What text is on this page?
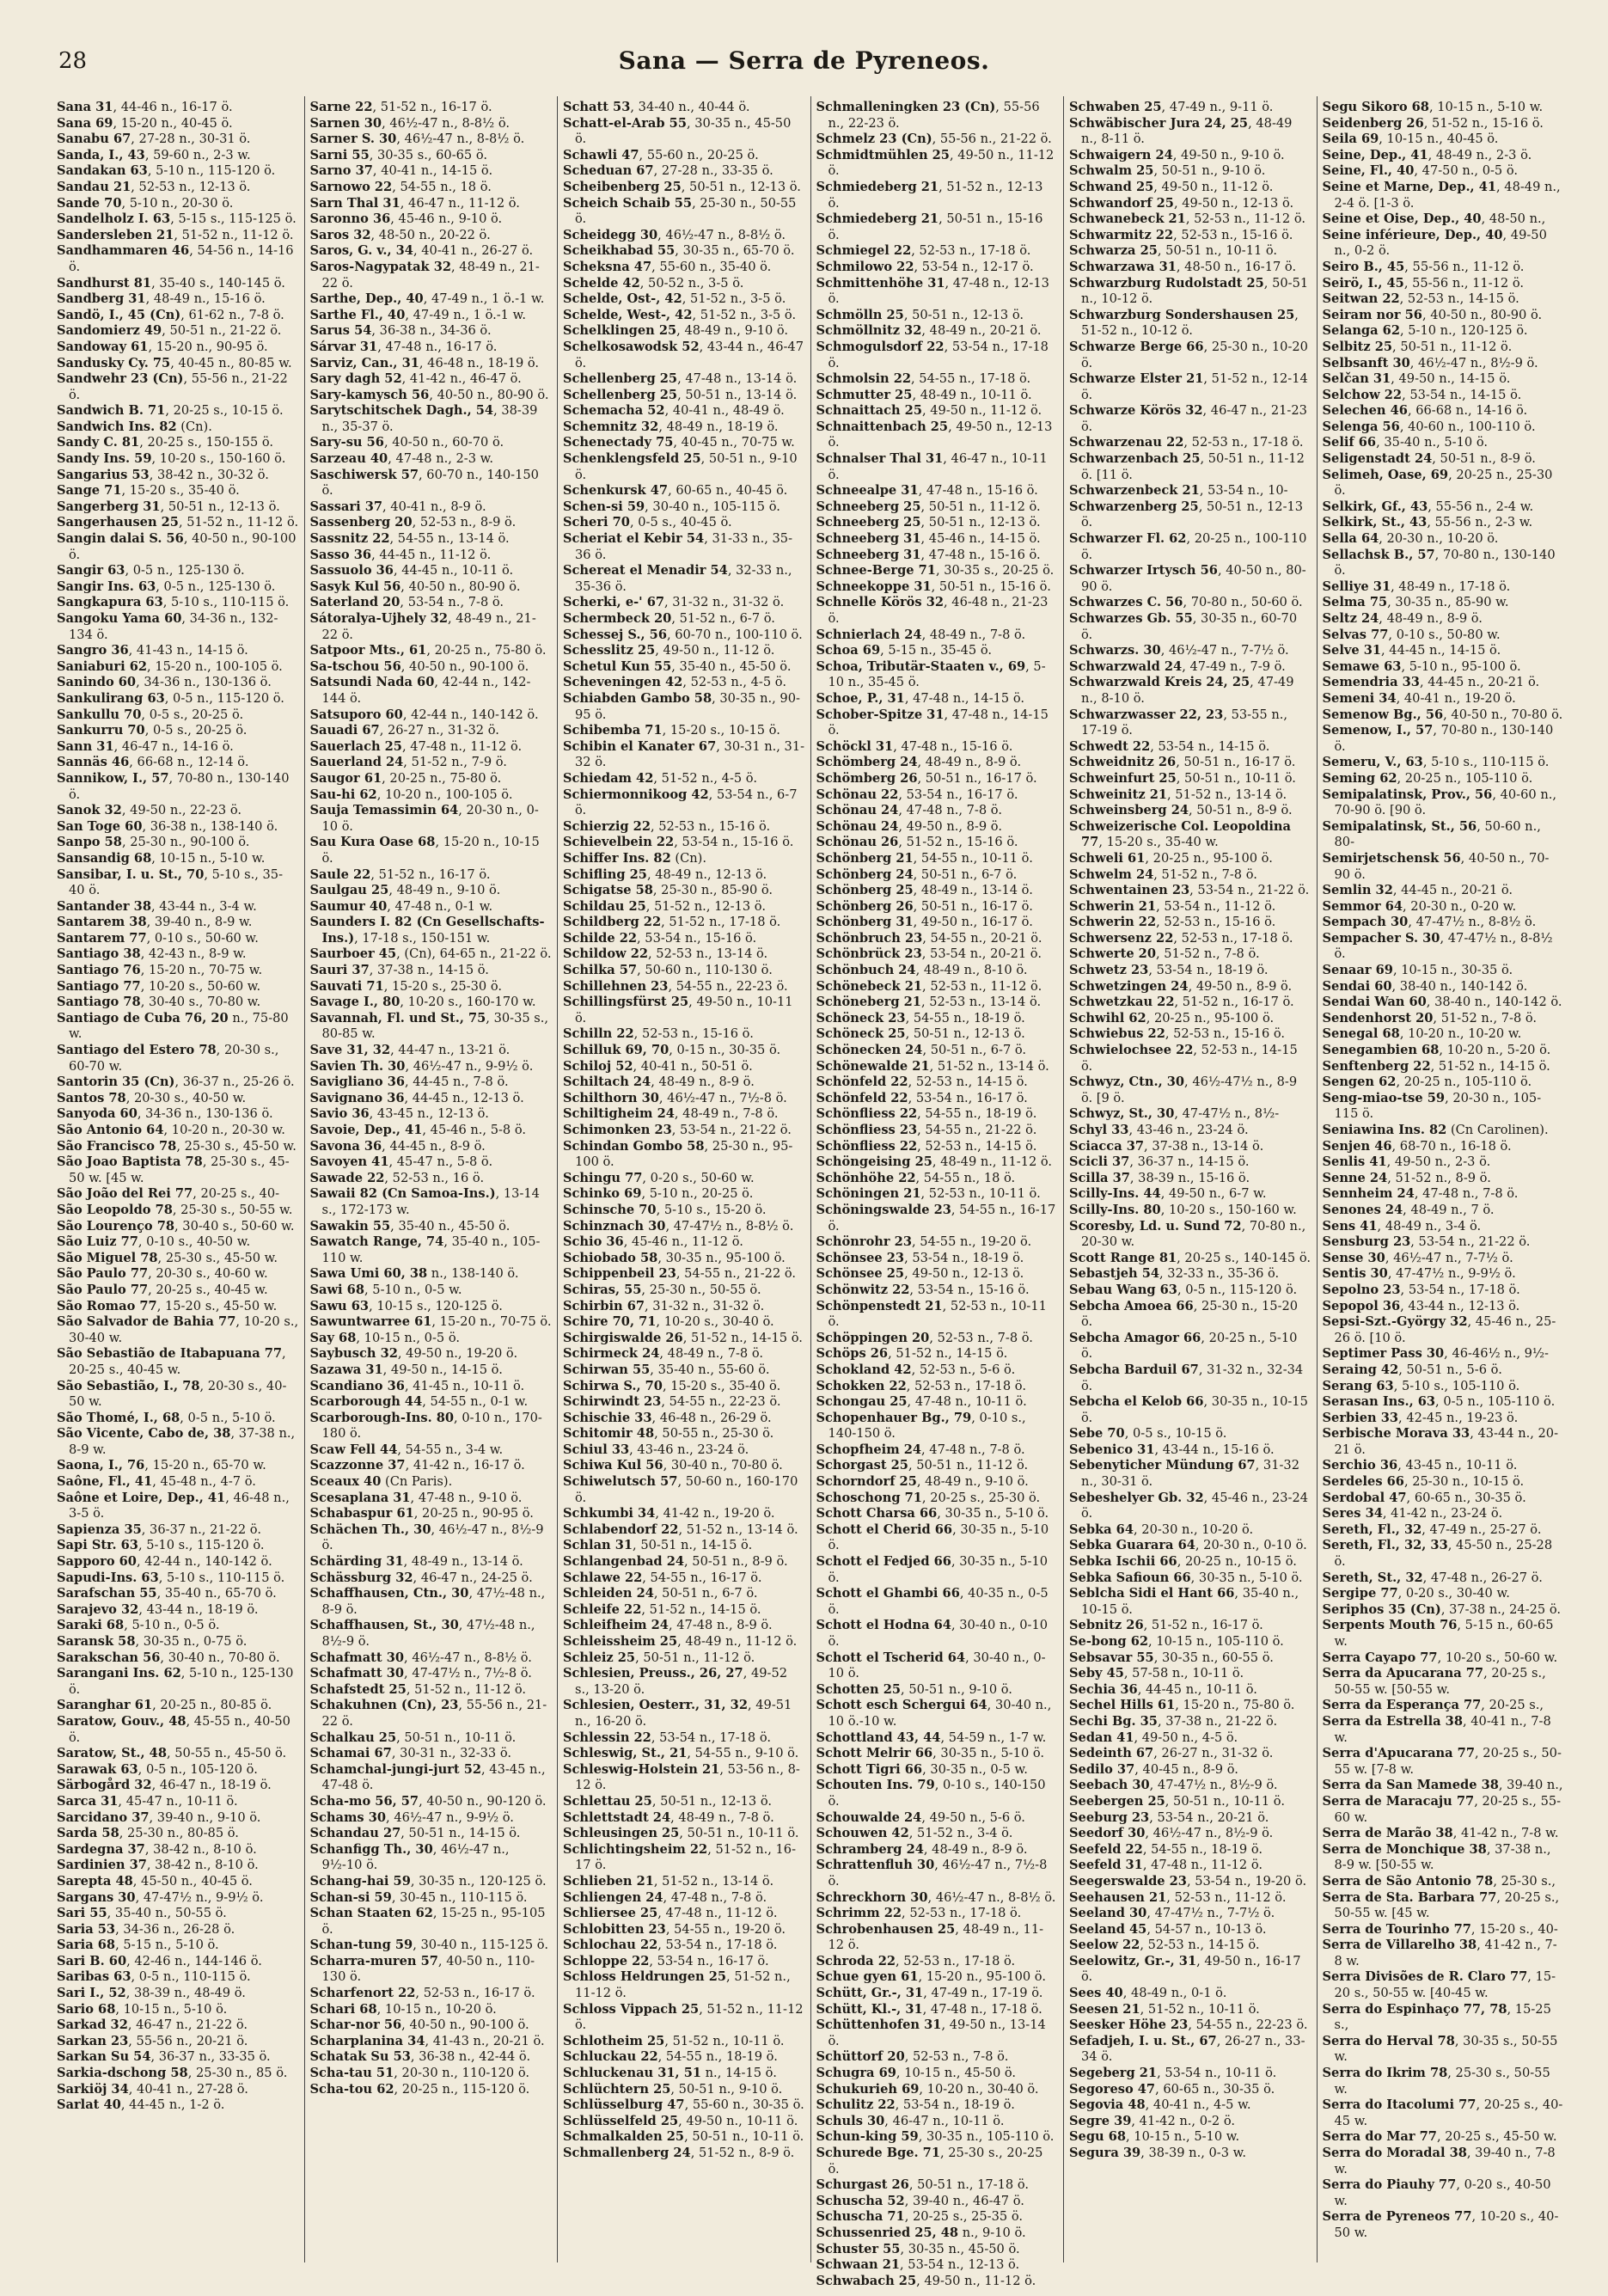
28	Sana — Serra de Pyreneos.
Sana 31, 44-46 n., 16-17 ö.
Sana 69, 15-20 n., 40-45 ö.
Sanabu 67, 27-28 n., 30-31 ö.
Sanda, I., 43, 59-60 n., 2-3 w.
Sandakan 63, 5-10 n., 115-120 ö.
Sandau 21, 52-53 n., 12-13 ö.
Sande 70, 5-10 n., 20-30 ö.
Sandelholz I. 63, 5-15 s., 115-125 ö.
Sandersleben 21, 51-52 n., 11-12 ö.
Sandhammaren 46, 54-56 n., 14-16 ö.
Sandhurst 81, 35-40 s., 140-145 ö.
Sandberg 31, 48-49 n., 15-16 ö.
Sandö, I., 45 (Cn), 61-62 n., 7-8 ö.
Sandomierz 49, 50-51 n., 21-22 ö.
Sandoway 61, 15-20 n., 90-95 ö.
Sandusky Cy. 75, 40-45 n., 80-85 w.
Sandwehr 23 (Cn), 55-56 n., 21-22 ö.
Sandwich B. 71, 20-25 s., 10-15 ö.
Sandwich Ins. 82 (Cn).
Sandy C. 81, 20-25 s., 150-155 ö.
Sandy Ins. 59, 10-20 s., 150-160 ö.
Sangarius 53, 38-42 n., 30-32 ö.
Sange 71, 15-20 s., 35-40 ö.
Sangerberg 31, 50-51 n., 12-13 ö.
Sangerhausen 25, 51-52 n., 11-12 ö.
Sangin dalai S. 56, 40-50 n., 90-100 ö.
Sangir 63, 0-5 n., 125-130 ö.
Sangir Ins. 63, 0-5 n., 125-130 ö.
Sangkapura 63, 5-10 s., 110-115 ö.
Sangoku Yama 60, 34-36 n., 132-134 ö.
Sangro 36, 41-43 n., 14-15 ö.
Saniaburi 62, 15-20 n., 100-105 ö.
Sanindo 60, 34-36 n., 130-136 ö.
Sankulirang 63, 0-5 n., 115-120 ö.
Sankullu 70, 0-5 s., 20-25 ö.
Sankurru 70, 0-5 s., 20-25 ö.
Sann 31, 46-47 n., 14-16 ö.
Sannäs 46, 66-68 n., 12-14 ö.
Sannikow, I., 57, 70-80 n., 130-140 ö.
Sanok 32, 49-50 n., 22-23 ö.
San Toge 60, 36-38 n., 138-140 ö.
Sanpo 58, 25-30 n., 90-100 ö.
Sansandig 68, 10-15 n., 5-10 w.
Sansibar, I. u. St., 70, 5-10 s., 35-40 ö.
Santander 38, 43-44 n., 3-4 w.
Santarem 38, 39-40 n., 8-9 w.
Santarem 77, 0-10 s., 50-60 w.
Santiago 38, 42-43 n., 8-9 w.
Santiago 76, 15-20 n., 70-75 w.
Santiago 77, 10-20 s., 50-60 w.
Santiago 78, 30-40 s., 70-80 w.
Santiago de Cuba 76, 20 n., 75-80 w.
Santiago del Estero 78, 20-30 s., 60-70 w.
Santorin 35 (Cn), 36-37 n., 25-26 ö.
Santos 78, 20-30 s., 40-50 w.
Sanyoda 60, 34-36 n., 130-136 ö.
São Antonio 64, 10-20 n., 20-30 w.
São Francisco 78, 25-30 s., 45-50 w.
São Joao Baptista 78, 25-30 s., 45-50 w. [45 w.
São João del Rei 77, 20-25 s., 40-
São Leopoldo 78, 25-30 s., 50-55 w.
São Lourenço 78, 30-40 s., 50-60 w.
São Luiz 77, 0-10 s., 40-50 w.
São Miguel 78, 25-30 s., 45-50 w.
São Paulo 77, 20-30 s., 40-60 w.
São Paulo 77, 20-25 s., 40-45 w.
São Romao 77, 15-20 s., 45-50 w.
São Salvador de Bahia 77, 10-20 s., 30-40 w.
São Sebastião de Itabapuana 77, 20-25 s., 40-45 w.
São Sebastião, I., 78, 20-30 s., 40-50 w.
São Thomé, I., 68, 0-5 n., 5-10 ö.
São Vicente, Cabo de, 38, 37-38 n., 8-9 w.
Saona, I., 76, 15-20 n., 65-70 w.
Saône, Fl., 41, 45-48 n., 4-7 ö.
Saône et Loire, Dep., 41, 46-48 n., 3-5 ö.
Sapienza 35, 36-37 n., 21-22 ö.
Sapi Str. 63, 5-10 s., 115-120 ö.
Sapporo 60, 42-44 n., 140-142 ö.
Sapudi-Ins. 63, 5-10 s., 110-115 ö.
Sarafschan 55, 35-40 n., 65-70 ö.
Sarajevo 32, 43-44 n., 18-19 ö.
Saraki 68, 5-10 n., 0-5 ö.
Saransk 58, 30-35 n., 0-75 ö.
Sarakschan 56, 30-40 n., 70-80 ö.
Sarangani Ins. 62, 5-10 n., 125-130 ö.
Saranghar 61, 20-25 n., 80-85 ö.
Saratow, Gouv., 48, 45-55 n., 40-50 ö.
Saratow, St., 48, 50-55 n., 45-50 ö.
Sarawak 63, 0-5 n., 105-120 ö.
Särbogård 32, 46-47 n., 18-19 ö.
Sarca 31, 45-47 n., 10-11 ö.
Sarcidano 37, 39-40 n., 9-10 ö.
Sarda 58, 25-30 n., 80-85 ö.
Sardegna 37, 38-42 n., 8-10 ö.
Sardinien 37, 38-42 n., 8-10 ö.
Sarepta 48, 45-50 n., 40-45 ö.
Sargans 30, 47-47½ n., 9-9½ ö.
Sari 55, 35-40 n., 50-55 ö.
Saria 53, 34-36 n., 26-28 ö.
Saria 68, 5-15 n., 5-10 ö.
Sari B. 60, 42-46 n., 144-146 ö.
Saribas 63, 0-5 n., 110-115 ö.
Sari I., 52, 38-39 n., 48-49 ö.
Sario 68, 10-15 n., 5-10 ö.
Sarkad 32, 46-47 n., 21-22 ö.
Sarkan 23, 55-56 n., 20-21 ö.
Sarkan Su 54, 36-37 n., 33-35 ö.
Sarkia-dschong 58, 25-30 n., 85 ö.
Sarkiöj 34, 40-41 n., 27-28 ö.
Sarlat 40, 44-45 n., 1-2 ö.
Sarne 22, 51-52 n., 16-17 ö.
Sarnen 30, 46½-47 n., 8-8½ ö.
Sarner S. 30, 46½-47 n., 8-8½ ö.
Sarni 55, 30-35 s., 60-65 ö.
Sarno 37, 40-41 n., 14-15 ö.
Sarnowo 22, 54-55 n., 18 ö.
Sarn Thal 31, 46-47 n., 11-12 ö.
Saronno 36, 45-46 n., 9-10 ö.
Saros 32, 48-50 n., 20-22 ö.
Saros, G. v., 34, 40-41 n., 26-27 ö.
Saros-Nagypatak 32, 48-49 n., 21-22 ö.
Sarthe, Dep., 40, 47-49 n., 1 ö.-1 w.
Sarthe Fl., 40, 47-49 n., 1 ö.-1 w.
Sarus 54, 36-38 n., 34-36 ö.
Sárvar 31, 47-48 n., 16-17 ö.
Sarviz, Can., 31, 46-48 n., 18-19 ö.
Sary dagh 52, 41-42 n., 46-47 ö.
Sary-kamysch 56, 40-50 n., 80-90 ö.
Sarytschitschek Dagh., 54, 38-39 n., 35-37 ö.
Sary-su 56, 40-50 n., 60-70 ö.
Sarzeau 40, 47-48 n., 2-3 w.
Saschiwersk 57, 60-70 n., 140-150 ö.
Sassari 37, 40-41 n., 8-9 ö.
Sassenberg 20, 52-53 n., 8-9 ö.
Sassnitz 22, 54-55 n., 13-14 ö.
Sasso 36, 44-45 n., 11-12 ö.
Sassuolo 36, 44-45 n., 10-11 ö.
Sasyk Kul 56, 40-50 n., 80-90 ö.
Saterland 20, 53-54 n., 7-8 ö.
Sátoralya-Ujhely 32, 48-49 n., 21-22 ö.
Satpoor Mts., 61, 20-25 n., 75-80 ö.
Sa-tschou 56, 40-50 n., 90-100 ö.
Satsundi Nada 60, 42-44 n., 142-144 ö.
Satsuporo 60, 42-44 n., 140-142 ö.
Sauadi 67, 26-27 n., 31-32 ö.
Sauerlach 25, 47-48 n., 11-12 ö.
Sauerland 24, 51-52 n., 7-9 ö.
Saugor 61, 20-25 n., 75-80 ö.
Sau-hi 62, 10-20 n., 100-105 ö.
Sauja Temassimin 64, 20-30 n., 0-10 ö.
Sau Kura Oase 68, 15-20 n., 10-15 ö.
Saule 22, 51-52 n., 16-17 ö.
Saulgau 25, 48-49 n., 9-10 ö.
Saumur 40, 47-48 n., 0-1 w.
Saunders I. 82 (Cn Gesellschafts-Ins.), 17-18 s., 150-151 w.
Saurboer 45, (Cn), 64-65 n., 21-22 ö.
Sauri 37, 37-38 n., 14-15 ö.
Sauvati 71, 15-20 s., 25-30 ö.
Savage I., 80, 10-20 s., 160-170 w.
Savannah, Fl. und St., 75, 30-35 s., 80-85 w.
Save 31, 32, 44-47 n., 13-21 ö.
Savien Th. 30, 46½-47 n., 9-9½ ö.
Savigliano 36, 44-45 n., 7-8 ö.
Savignano 36, 44-45 n., 12-13 ö.
Savio 36, 43-45 n., 12-13 ö.
Savoie, Dep., 41, 45-46 n., 5-8 ö.
Savona 36, 44-45 n., 8-9 ö.
Savoyen 41, 45-47 n., 5-8 ö.
Sawade 22, 52-53 n., 16 ö.
Sawaii 82 (Cn Samoa-Ins.), 13-14 s., 172-173 w.
Sawakin 55, 35-40 n., 45-50 ö.
Sawatch Range, 74, 35-40 n., 105-110 w.
Sawa Umi 60, 38 n., 138-140 ö.
Sawi 68, 5-10 n., 0-5 w.
Sawu 63, 10-15 s., 120-125 ö.
Sawuntwarree 61, 15-20 n., 70-75 ö.
Say 68, 10-15 n., 0-5 ö.
Saybusch 32, 49-50 n., 19-20 ö.
Sazawa 31, 49-50 n., 14-15 ö.
Scandiano 36, 41-45 n., 10-11 ö.
Scarborough 44, 54-55 n., 0-1 w.
Scarborough-Ins. 80, 0-10 n., 170-180 ö.
Scaw Fell 44, 54-55 n., 3-4 w.
Scazzonne 37, 41-42 n., 16-17 ö.
Sceaux 40 (Cn Paris).
Scesaplana 31, 47-48 n., 9-10 ö.
Schabaspur 61, 20-25 n., 90-95 ö.
Schächen Th., 30, 46½-47 n., 8½-9 ö.
Schärding 31, 48-49 n., 13-14 ö.
Schässburg 32, 46-47 n., 24-25 ö.
Schaffhausen, Ctn., 30, 47½-48 n., 8-9 ö.
Schaffhausen, St., 30, 47½-48 n., 8½-9 ö.
Schafmatt 30, 46½-47 n., 8-8½ ö.
Schafmatt 30, 47-47½ n., 7½-8 ö.
Schafstedt 25, 51-52 n., 11-12 ö.
Schakuhnen (Cn), 23, 55-56 n., 21-22 ö.
Schalkau 25, 50-51 n., 10-11 ö.
Schamai 67, 30-31 n., 32-33 ö.
Schamchal-jungi-jurt 52, 43-45 n., 47-48 ö.
Scha-mo 56, 57, 40-50 n., 90-120 ö.
Schams 30, 46½-47 n., 9-9½ ö.
Schandau 27, 50-51 n., 14-15 ö.
Schanfigg Th., 30, 46½-47 n., 9½-10 ö.
Schang-hai 59, 30-35 n., 120-125 ö.
Schan-si 59, 30-45 n., 110-115 ö.
Schan Staaten 62, 15-25 n., 95-105 ö.
Schan-tung 59, 30-40 n., 115-125 ö.
Scharra-muren 57, 40-50 n., 110-130 ö.
Scharfenort 22, 52-53 n., 16-17 ö.
Schari 68, 10-15 n., 10-20 ö.
Schar-nor 56, 40-50 n., 90-100 ö.
Scharplanina 34, 41-43 n., 20-21 ö.
Schatak Su 53, 36-38 n., 42-44 ö.
Scha-tau 51, 20-30 n., 110-120 ö.
Scha-tou 62, 20-25 n., 115-120 ö.
Schatt 53, 34-40 n., 40-44 ö.
Schatt-el-Arab 55, 30-35 n., 45-50 ö.
Schawli 47, 55-60 n., 20-25 ö.
Scheduan 67, 27-28 n., 33-35 ö.
Scheibenberg 25, 50-51 n., 12-13 ö.
Scheich Schaib 55, 25-30 n., 50-55 ö.
Scheidegg 30, 46½-47 n., 8-8½ ö.
Scheikhabad 55, 30-35 n., 65-70 ö.
Scheksna 47, 55-60 n., 35-40 ö.
Schelde 42, 50-52 n., 3-5 ö.
Schelde, Ost-, 42, 51-52 n., 3-5 ö.
Schelde, West-, 42, 51-52 n., 3-5 ö.
Schelklingen 25, 48-49 n., 9-10 ö.
Schelkosawodsk 52, 43-44 n., 46-47 ö.
Schellenberg 25, 47-48 n., 13-14 ö.
Schellenberg 25, 50-51 n., 13-14 ö.
Schemacha 52, 40-41 n., 48-49 ö.
Schemnitz 32, 48-49 n., 18-19 ö.
Schenectady 75, 40-45 n., 70-75 w.
Schenklengsfeld 25, 50-51 n., 9-10 ö.
Schenkursk 47, 60-65 n., 40-45 ö.
Schen-si 59, 30-40 n., 105-115 ö.
Scheri 70, 0-5 s., 40-45 ö.
Scheriat el Kebir 54, 31-33 n., 35-36 ö.
Schereat el Menadir 54, 32-33 n., 35-36 ö.
Scherki, e-' 67, 31-32 n., 31-32 ö.
Schermbeck 20, 51-52 n., 6-7 ö.
Schessej S., 56, 60-70 n., 100-110 ö.
Schesslitz 25, 49-50 n., 11-12 ö.
Schetul Kun 55, 35-40 n., 45-50 ö.
Scheveningen 42, 52-53 n., 4-5 ö.
Schiabden Gambo 58, 30-35 n., 90-95 ö.
Schibemba 71, 15-20 s., 10-15 ö.
Schibin el Kanater 67, 30-31 n., 31-32 ö.
Schiedam 42, 51-52 n., 4-5 ö.
Schiermonnikoog 42, 53-54 n., 6-7 ö.
Schierzig 22, 52-53 n., 15-16 ö.
Schievelbein 22, 53-54 n., 15-16 ö.
Schiffer Ins. 82 (Cn).
Schifling 25, 48-49 n., 12-13 ö.
Schigatse 58, 25-30 n., 85-90 ö.
Schildau 25, 51-52 n., 12-13 ö.
Schildberg 22, 51-52 n., 17-18 ö.
Schilde 22, 53-54 n., 15-16 ö.
Schildow 22, 52-53 n., 13-14 ö.
Schilka 57, 50-60 n., 110-130 ö.
Schillehnen 23, 54-55 n., 22-23 ö.
Schillingsfürst 25, 49-50 n., 10-11 ö.
Schilln 22, 52-53 n., 15-16 ö.
Schilluk 69, 70, 0-15 n., 30-35 ö.
Schiloj 52, 40-41 n., 50-51 ö.
Schiltach 24, 48-49 n., 8-9 ö.
Schilthorn 30, 46½-47 n., 7½-8 ö.
Schiltigheim 24, 48-49 n., 7-8 ö.
Schimonken 23, 53-54 n., 21-22 ö.
Schindan Gombo 58, 25-30 n., 95-100 ö.
Schingu 77, 0-20 s., 50-60 w.
Schinko 69, 5-10 n., 20-25 ö.
Schinsche 70, 5-10 s., 15-20 ö.
Schinznach 30, 47-47½ n., 8-8½ ö.
Schio 36, 45-46 n., 11-12 ö.
Schiobado 58, 30-35 n., 95-100 ö.
Schippenbeil 23, 54-55 n., 21-22 ö.
Schiras, 55, 25-30 n., 50-55 ö.
Schirbin 67, 31-32 n., 31-32 ö.
Schire 70, 71, 10-20 s., 30-40 ö.
Schirgiswalde 26, 51-52 n., 14-15 ö.
Schirmeck 24, 48-49 n., 7-8 ö.
Schirwan 55, 35-40 n., 55-60 ö.
Schirwa S., 70, 15-20 s., 35-40 ö.
Schirwindt 23, 54-55 n., 22-23 ö.
Schischie 33, 46-48 n., 26-29 ö.
Schitomir 48, 50-55 n., 25-30 ö.
Schiul 33, 43-46 n., 23-24 ö.
Schiwa Kul 56, 30-40 n., 70-80 ö.
Schiwelutsch 57, 50-60 n., 160-170 ö.
Schkumbi 34, 41-42 n., 19-20 ö.
Schlabendorf 22, 51-52 n., 13-14 ö.
Schlan 31, 50-51 n., 14-15 ö.
Schlangenbad 24, 50-51 n., 8-9 ö.
Schlawe 22, 54-55 n., 16-17 ö.
Schleiden 24, 50-51 n., 6-7 ö.
Schleife 22, 51-52 n., 14-15 ö.
Schleifheim 24, 47-48 n., 8-9 ö.
Schleissheim 25, 48-49 n., 11-12 ö.
Schleiz 25, 50-51 n., 11-12 ö.
Schlesien, Preuss., 26, 27, 49-52 s., 13-20 ö.
Schlesien, Oesterr., 31, 32, 49-51 n., 16-20 ö.
Schlessin 22, 53-54 n., 17-18 ö.
Schleswig, St., 21, 54-55 n., 9-10 ö.
Schleswig-Holstein 21, 53-56 n., 8-12 ö.
Schlettau 25, 50-51 n., 12-13 ö.
Schlettstadt 24, 48-49 n., 7-8 ö.
Schleusingen 25, 50-51 n., 10-11 ö.
Schlichtingsheim 22, 51-52 n., 16-17 ö.
Schlieben 21, 51-52 n., 13-14 ö.
Schliengen 24, 47-48 n., 7-8 ö.
Schliersee 25, 47-48 n., 11-12 ö.
Schlobitten 23, 54-55 n., 19-20 ö.
Schlochau 22, 53-54 n., 17-18 ö.
Schloppe 22, 53-54 n., 16-17 ö.
Schloss Heldrungen 25, 51-52 n., 11-12 ö.
Schloss Vippach 25, 51-52 n., 11-12 ö.
Schlotheim 25, 51-52 n., 10-11 ö.
Schluckau 22, 54-55 n., 18-19 ö.
Schluckenau 31, 51 n., 14-15 ö.
Schlüchtern 25, 50-51 n., 9-10 ö.
Schlüsselburg 47, 55-60 n., 30-35 ö.
Schlüsselfeld 25, 49-50 n., 10-11 ö.
Schmalkalden 25, 50-51 n., 10-11 ö.
Schmallenberg 24, 51-52 n., 8-9 ö.
Schmalleningken 23 (Cn), 55-56 n., 22-23 ö.
Schmelz 23 (Cn), 55-56 n., 21-22 ö.
Schmidtmühlen 25, 49-50 n., 11-12 ö.
Schmiedeberg 21, 51-52 n., 12-13 ö.
Schmiedeberg 21, 50-51 n., 15-16 ö.
Schmiegel 22, 52-53 n., 17-18 ö.
Schmilowo 22, 53-54 n., 12-17 ö.
Schmittenhöhe 31, 47-48 n., 12-13 ö.
Schmölln 25, 50-51 n., 12-13 ö.
Schmöllnitz 32, 48-49 n., 20-21 ö.
Schmogulsdorf 22, 53-54 n., 17-18 ö.
Schmolsin 22, 54-55 n., 17-18 ö.
Schmutter 25, 48-49 n., 10-11 ö.
Schnaittach 25, 49-50 n., 11-12 ö.
Schnaittenbach 25, 49-50 n., 12-13 ö.
Schnalser Thal 31, 46-47 n., 10-11 ö.
Schneealpe 31, 47-48 n., 15-16 ö.
Schneeberg 25, 50-51 n., 11-12 ö.
Schneeberg 25, 50-51 n., 12-13 ö.
Schneeberg 31, 45-46 n., 14-15 ö.
Schneeberg 31, 47-48 n., 15-16 ö.
Schnee-Berge 71, 30-35 s., 20-25 ö.
Schneekoppe 31, 50-51 n., 15-16 ö.
Schnelle Körös 32, 46-48 n., 21-23 ö.
Schnierlach 24, 48-49 n., 7-8 ö.
Schoa 69, 5-15 n., 35-45 ö.
Schoa, Tributär-Staaten v., 69, 5-10 n., 35-45 ö.
Schoe, P., 31, 47-48 n., 14-15 ö.
Schober-Spitze 31, 47-48 n., 14-15 ö.
Schöckl 31, 47-48 n., 15-16 ö.
Schömberg 24, 48-49 n., 8-9 ö.
Schömberg 26, 50-51 n., 16-17 ö.
Schönau 22, 53-54 n., 16-17 ö.
Schönau 24, 47-48 n., 7-8 ö.
Schönau 24, 49-50 n., 8-9 ö.
Schönau 26, 51-52 n., 15-16 ö.
Schönberg 21, 54-55 n., 10-11 ö.
Schönberg 24, 50-51 n., 6-7 ö.
Schönberg 25, 48-49 n., 13-14 ö.
Schönberg 26, 50-51 n., 16-17 ö.
Schönberg 31, 49-50 n., 16-17 ö.
Schönbruch 23, 54-55 n., 20-21 ö.
Schönbrück 23, 53-54 n., 20-21 ö.
Schönbuch 24, 48-49 n., 8-10 ö.
Schönebeck 21, 52-53 n., 11-12 ö.
Schöneberg 21, 52-53 n., 13-14 ö.
Schöneck 23, 54-55 n., 18-19 ö.
Schöneck 25, 50-51 n., 12-13 ö.
Schönecken 24, 50-51 n., 6-7 ö.
Schönewalde 21, 51-52 n., 13-14 ö.
Schönfeld 22, 52-53 n., 14-15 ö.
Schönfeld 22, 53-54 n., 16-17 ö.
Schönfliess 22, 54-55 n., 18-19 ö.
Schönfliess 23, 54-55 n., 21-22 ö.
Schönfliess 22, 52-53 n., 14-15 ö.
Schöngeising 25, 48-49 n., 11-12 ö.
Schönhöhe 22, 54-55 n., 18 ö.
Schöningen 21, 52-53 n., 10-11 ö.
Schöningswalde 23, 54-55 n., 16-17 ö.
Schönrohr 23, 54-55 n., 19-20 ö.
Schönsee 23, 53-54 n., 18-19 ö.
Schönsee 25, 49-50 n., 12-13 ö.
Schönwitz 22, 53-54 n., 15-16 ö.
Schönpenstedt 21, 52-53 n., 10-11 ö.
Schöppingen 20, 52-53 n., 7-8 ö.
Schöps 26, 51-52 n., 14-15 ö.
Schokland 42, 52-53 n., 5-6 ö.
Schokken 22, 52-53 n., 17-18 ö.
Schongau 25, 47-48 n., 10-11 ö.
Schopenhauer Bg., 79, 0-10 s., 140-150 ö.
Schopfheim 24, 47-48 n., 7-8 ö.
Schorgast 25, 50-51 n., 11-12 ö.
Schorndorf 25, 48-49 n., 9-10 ö.
Schoschong 71, 20-25 s., 25-30 ö.
Schott Charsa 66, 30-35 n., 5-10 ö.
Schott el Cherid 66, 30-35 n., 5-10 ö.
Schott el Fedjed 66, 30-35 n., 5-10 ö.
Schott el Ghambi 66, 40-35 n., 0-5 ö.
Schott el Hodna 64, 30-40 n., 0-10 ö.
Schott el Tscherid 64, 30-40 n., 0-10 ö.
Schotten 25, 50-51 n., 9-10 ö.
Schott esch Schergui 64, 30-40 n., 10 ö.-10 w.
Schottland 43, 44, 54-59 n., 1-7 w.
Schott Melrir 66, 30-35 n., 5-10 ö.
Schott Tigri 66, 30-35 n., 0-5 w.
Schouten Ins. 79, 0-10 s., 140-150 ö.
Schouwalde 24, 49-50 n., 5-6 ö.
Schouwen 42, 51-52 n., 3-4 ö.
Schramberg 24, 48-49 n., 8-9 ö.
Schrattenfluh 30, 46½-47 n., 7½-8 ö.
Schreckhorn 30, 46½-47 n., 8-8½ ö.
Schrimm 22, 52-53 n., 17-18 ö.
Schrobenhausen 25, 48-49 n., 11-12 ö.
Schroda 22, 52-53 n., 17-18 ö.
Schue gyen 61, 15-20 n., 95-100 ö.
Schütt, Gr.-, 31, 47-49 n., 17-19 ö.
Schütt, Kl.-, 31, 47-48 n., 17-18 ö.
Schüttenhofen 31, 49-50 n., 13-14 ö.
Schüttorf 20, 52-53 n., 7-8 ö.
Schugra 69, 10-15 n., 45-50 ö.
Schukurieh 69, 10-20 n., 30-40 ö.
Schulitz 22, 53-54 n., 18-19 ö.
Schuls 30, 46-47 n., 10-11 ö.
Schun-king 59, 30-35 n., 105-110 ö.
Schurede Bge. 71, 25-30 s., 20-25 ö.
Schurgast 26, 50-51 n., 17-18 ö.
Schuscha 52, 39-40 n., 46-47 ö.
Schuscha 71, 20-25 s., 25-35 ö.
Schussenried 25, 48 n., 9-10 ö.
Schuster 55, 30-35 n., 45-50 ö.
Schwaan 21, 53-54 n., 12-13 ö.
Schwabach 25, 49-50 n., 11-12 ö.
Schwaben 25, 47-49 n., 9-11 ö.
Schwäbischer Jura 24, 25, 48-49 n., 8-11 ö.
Schwaigern 24, 49-50 n., 9-10 ö.
Schwalm 25, 50-51 n., 9-10 ö.
Schwand 25, 49-50 n., 11-12 ö.
Schwandorf 25, 49-50 n., 12-13 ö.
Schwanebeck 21, 52-53 n., 11-12 ö.
Schwarmitz 22, 52-53 n., 15-16 ö.
Schwarza 25, 50-51 n., 10-11 ö.
Schwarzawa 31, 48-50 n., 16-17 ö.
Schwarzburg Rudolstadt 25, 50-51 n., 10-12 ö.
Schwarzburg Sondershausen 25, 51-52 n., 10-12 ö.
Schwarze Berge 66, 25-30 n., 10-20 ö.
Schwarze Elster 21, 51-52 n., 12-14 ö.
Schwarze Körös 32, 46-47 n., 21-23 ö.
Schwarzenau 22, 52-53 n., 17-18 ö.
Schwarzenbach 25, 50-51 n., 11-12 ö. [11 ö.
Schwarzenbeck 21, 53-54 n., 10-
Schwarzenberg 25, 50-51 n., 12-13 ö.
Schwarzer Fl. 62, 20-25 n., 100-110 ö.
Schwarzer Irtysch 56, 40-50 n., 80-90 ö.
Schwarzes C. 56, 70-80 n., 50-60 ö.
Schwarzes Gb. 55, 30-35 n., 60-70 ö.
Schwarzs. 30, 46½-47 n., 7-7½ ö.
Schwarzwald 24, 47-49 n., 7-9 ö.
Schwarzwald Kreis 24, 25, 47-49 n., 8-10 ö.
Schwarzwasser 22, 23, 53-55 n., 17-19 ö.
Schwedt 22, 53-54 n., 14-15 ö.
Schweidnitz 26, 50-51 n., 16-17 ö.
Schweinfurt 25, 50-51 n., 10-11 ö.
Schweinitz 21, 51-52 n., 13-14 ö.
Schweinsberg 24, 50-51 n., 8-9 ö.
Schweizerische Col. Leopoldina 77, 15-20 s., 35-40 w.
Schweli 61, 20-25 n., 95-100 ö.
Schwelm 24, 51-52 n., 7-8 ö.
Schwentainen 23, 53-54 n., 21-22 ö.
Schwerin 21, 53-54 n., 11-12 ö.
Schwerin 22, 52-53 n., 15-16 ö.
Schwersenz 22, 52-53 n., 17-18 ö.
Schwerte 20, 51-52 n., 7-8 ö.
Schwetz 23, 53-54 n., 18-19 ö.
Schwetzingen 24, 49-50 n., 8-9 ö.
Schwetzkau 22, 51-52 n., 16-17 ö.
Schwihl 62, 20-25 n., 95-100 ö.
Schwiebus 22, 52-53 n., 15-16 ö.
Schwielochsee 22, 52-53 n., 14-15 ö.
Schwyz, Ctn., 30, 46½-47½ n., 8-9 ö. [9 ö.
Schwyz, St., 30, 47-47½ n., 8½-
Schyl 33, 43-46 n., 23-24 ö.
Sciacca 37, 37-38 n., 13-14 ö.
Scicli 37, 36-37 n., 14-15 ö.
Scilla 37, 38-39 n., 15-16 ö.
Scilly-Ins. 44, 49-50 n., 6-7 w.
Scilly-Ins. 80, 10-20 s., 150-160 w.
Scoresby, Ld. u. Sund 72, 70-80 n., 20-30 w.
Scott Range 81, 20-25 s., 140-145 ö.
Sebastjeh 54, 32-33 n., 35-36 ö.
Sebau Wang 63, 0-5 n., 115-120 ö.
Sebcha Amoea 66, 25-30 n., 15-20 ö.
Sebcha Amagor 66, 20-25 n., 5-10 ö.
Sebcha Barduil 67, 31-32 n., 32-34 ö.
Sebcha el Kelob 66, 30-35 n., 10-15 ö.
Sebe 70, 0-5 s., 10-15 ö.
Sebenico 31, 43-44 n., 15-16 ö.
Sebenyticher Mündung 67, 31-32 n., 30-31 ö.
Sebeshelyer Gb. 32, 45-46 n., 23-24 ö.
Sebka 64, 20-30 n., 10-20 ö.
Sebka Guarara 64, 20-30 n., 0-10 ö.
Sebka Ischii 66, 20-25 n., 10-15 ö.
Sebka Safioun 66, 30-35 n., 5-10 ö.
Seblcha Sidi el Hant 66, 35-40 n., 10-15 ö.
Sebnitz 26, 51-52 n., 16-17 ö.
Se-bong 62, 10-15 n., 105-110 ö.
Sebsavar 55, 30-35 n., 60-55 ö.
Seby 45, 57-58 n., 10-11 ö.
Sechia 36, 44-45 n., 10-11 ö.
Sechel Hills 61, 15-20 n., 75-80 ö.
Sechi Bg. 35, 37-38 n., 21-22 ö.
Sedan 41, 49-50 n., 4-5 ö.
Sedeinth 67, 26-27 n., 31-32 ö.
Sedilo 37, 40-45 n., 8-9 ö.
Seebach 30, 47-47½ n., 8½-9 ö.
Seebergen 25, 50-51 n., 10-11 ö.
Seeburg 23, 53-54 n., 20-21 ö.
Seedorf 30, 46½-47 n., 8½-9 ö.
Seefeld 22, 54-55 n., 18-19 ö.
Seefeld 31, 47-48 n., 11-12 ö.
Seegerswalde 23, 53-54 n., 19-20 ö.
Seehausen 21, 52-53 n., 11-12 ö.
Seeland 30, 47-47½ n., 7-7½ ö.
Seeland 45, 54-57 n., 10-13 ö.
Seelow 22, 52-53 n., 14-15 ö.
Seelowitz, Gr.-, 31, 49-50 n., 16-17 ö.
Sees 40, 48-49 n., 0-1 ö.
Seesen 21, 51-52 n., 10-11 ö.
Seesker Höhe 23, 54-55 n., 22-23 ö.
Sefadjeh, I. u. St., 67, 26-27 n., 33-34 ö.
Segeberg 21, 53-54 n., 10-11 ö.
Segoreso 47, 60-65 n., 30-35 ö.
Segovia 48, 40-41 n., 4-5 w.
Segre 39, 41-42 n., 0-2 ö.
Segu 68, 10-15 n., 5-10 w.
Segura 39, 38-39 n., 0-3 w.
Segu Sikoro 68, 10-15 n., 5-10 w.
Seidenberg 26, 51-52 n., 15-16 ö.
Seila 69, 10-15 n., 40-45 ö.
Seine, Dep., 41, 48-49 n., 2-3 ö.
Seine, Fl., 40, 47-50 n., 0-5 ö.
Seine et Marne, Dep., 41, 48-49 n., 2-4 ö. [1-3 ö.
Seine et Oise, Dep., 40, 48-50 n.,
Seine inférieure, Dep., 40, 49-50 n., 0-2 ö.
Seiro B., 45, 55-56 n., 11-12 ö.
Seirö, I., 45, 55-56 n., 11-12 ö.
Seitwan 22, 52-53 n., 14-15 ö.
Seiram nor 56, 40-50 n., 80-90 ö.
Selanga 62, 5-10 n., 120-125 ö.
Selbitz 25, 50-51 n., 11-12 ö.
Selbsanft 30, 46½-47 n., 8½-9 ö.
Selčan 31, 49-50 n., 14-15 ö.
Selchow 22, 53-54 n., 14-15 ö.
Selechen 46, 66-68 n., 14-16 ö.
Selenga 56, 40-60 n., 100-110 ö.
Selif 66, 35-40 n., 5-10 ö.
Seligenstadt 24, 50-51 n., 8-9 ö.
Selimeh, Oase, 69, 20-25 n., 25-30 ö.
Selkirk, Gf., 43, 55-56 n., 2-4 w.
Selkirk, St., 43, 55-56 n., 2-3 w.
Sella 64, 20-30 n., 10-20 ö.
Sellachsk B., 57, 70-80 n., 130-140 ö.
Selliye 31, 48-49 n., 17-18 ö.
Selma 75, 30-35 n., 85-90 w.
Seltz 24, 48-49 n., 8-9 ö.
Selvas 77, 0-10 s., 50-80 w.
Selve 31, 44-45 n., 14-15 ö.
Semawe 63, 5-10 n., 95-100 ö.
Semendria 33, 44-45 n., 20-21 ö.
Semeni 34, 40-41 n., 19-20 ö.
Semenow Bg., 56, 40-50 n., 70-80 ö.
Semenow, I., 57, 70-80 n., 130-140 ö.
Semeru, V., 63, 5-10 s., 110-115 ö.
Seming 62, 20-25 n., 105-110 ö.
Semipalatinsk, Prov., 56, 40-60 n., 70-90 ö. [90 ö.
Semipalatinsk, St., 56, 50-60 n., 80-
Semirjetschensk 56, 40-50 n., 70-90 ö.
Semlin 32, 44-45 n., 20-21 ö.
Semmor 64, 20-30 n., 0-20 w.
Sempach 30, 47-47½ n., 8-8½ ö.
Sempacher S. 30, 47-47½ n., 8-8½ ö.
Senaar 69, 10-15 n., 30-35 ö.
Sendai 60, 38-40 n., 140-142 ö.
Sendai Wan 60, 38-40 n., 140-142 ö.
Sendenhorst 20, 51-52 n., 7-8 ö.
Senegal 68, 10-20 n., 10-20 w.
Senegambien 68, 10-20 n., 5-20 ö.
Senftenberg 22, 51-52 n., 14-15 ö.
Sengen 62, 20-25 n., 105-110 ö.
Seng-miao-tse 59, 20-30 n., 105-115 ö.
Seniawina Ins. 82 (Cn Carolinen).
Senjen 46, 68-70 n., 16-18 ö.
Senlis 41, 49-50 n., 2-3 ö.
Senne 24, 51-52 n., 8-9 ö.
Sennheim 24, 47-48 n., 7-8 ö.
Senones 24, 48-49 n., 7 ö.
Sens 41, 48-49 n., 3-4 ö.
Sensburg 23, 53-54 n., 21-22 ö.
Sense 30, 46½-47 n., 7-7½ ö.
Sentis 30, 47-47½ n., 9-9½ ö.
Sepolno 23, 53-54 n., 17-18 ö.
Sepopol 36, 43-44 n., 12-13 ö.
Sepsi-Szt.-György 32, 45-46 n., 25-26 ö. [10 ö.
Septimer Pass 30, 46-46½ n., 9½-
Seraing 42, 50-51 n., 5-6 ö.
Serang 63, 5-10 s., 105-110 ö.
Serasan Ins., 63, 0-5 n., 105-110 ö.
Serbien 33, 42-45 n., 19-23 ö.
Serbische Morava 33, 43-44 n., 20-21 ö.
Serchio 36, 43-45 n., 10-11 ö.
Serdeles 66, 25-30 n., 10-15 ö.
Serdobal 47, 60-65 n., 30-35 ö.
Seres 34, 41-42 n., 23-24 ö.
Sereth, Fl., 32, 47-49 n., 25-27 ö.
Sereth, Fl., 32, 33, 45-50 n., 25-28 ö.
Sereth, St., 32, 47-48 n., 26-27 ö.
Sergipe 77, 0-20 s., 30-40 w.
Seriphos 35 (Cn), 37-38 n., 24-25 ö.
Serpents Mouth 76, 5-15 n., 60-65 w.
Serra Cayapo 77, 10-20 s., 50-60 w.
Serra da Apucarana 77, 20-25 s., 50-55 w. [50-55 w.
Serra da Esperança 77, 20-25 s.,
Serra da Estrella 38, 40-41 n., 7-8 w.
Serra d'Apucarana 77, 20-25 s., 50-55 w. [7-8 w.
Serra da San Mamede 38, 39-40 n.,
Serra de Maracaju 77, 20-25 s., 55-60 w.
Serra de Marão 38, 41-42 n., 7-8 w.
Serra de Monchique 38, 37-38 n., 8-9 w. [50-55 w.
Serra de São Antonio 78, 25-30 s.,
Serra de Sta. Barbara 77, 20-25 s., 50-55 w. [45 w.
Serra de Tourinho 77, 15-20 s., 40-
Serra de Villarelho 38, 41-42 n., 7-8 w.
Serra Divisões de R. Claro 77, 15-20 s., 50-55 w. [40-45 w.
Serra do Espinhaço 77, 78, 15-25 s.,
Serra do Herval 78, 30-35 s., 50-55 w.
Serra do Ikrim 78, 25-30 s., 50-55 w.
Serra do Itacolumi 77, 20-25 s., 40-45 w.
Serra do Mar 77, 20-25 s., 45-50 w.
Serra do Moradal 38, 39-40 n., 7-8 w.
Serra do Piauhy 77, 0-20 s., 40-50 w.
Serra de Pyreneos 77, 10-20 s., 40-50 w.
